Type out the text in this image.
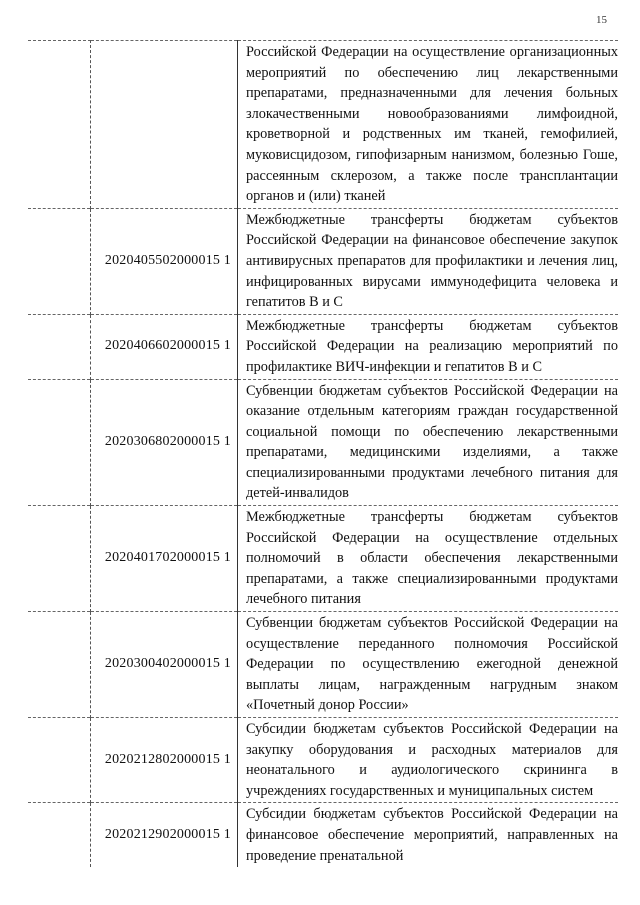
15
		Российской Федерации на осуществление организационных мероприятий по обеспечению лиц лекарственными препаратами, предназначенными для лечения больных злокачественными новообразованиями лимфоидной, кроветворной и родственных им тканей, гемофилией, муковисцидозом, гипофизарным нанизмом, болезнью Гоше, рассеянным склерозом, а также после трансплантации органов и (или) тканей
	2020405502000015 1	Межбюджетные трансферты бюджетам субъектов Российской Федерации на финансовое обеспечение закупок антивирусных препаратов для профилактики и лечения лиц, инфицированных вирусами иммунодефицита человека и гепатитов В и С
	2020406602000015 1	Межбюджетные трансферты бюджетам субъектов Российской Федерации на реализацию мероприятий по профилактике ВИЧ-инфекции и гепатитов В и С
	2020306802000015 1	Субвенции бюджетам субъектов Российской Федерации на оказание отдельным категориям граждан государственной социальной помощи по обеспечению лекарственными препаратами, медицинскими изделиями, а также специализированными продуктами лечебного питания для детей-инвалидов
	2020401702000015 1	Межбюджетные трансферты бюджетам субъектов Российской Федерации на осуществление отдельных полномочий в области обеспечения лекарственными препаратами, а также специализированными продуктами лечебного питания
	2020300402000015 1	Субвенции бюджетам субъектов Российской Федерации на осуществление переданного полномочия Российской Федерации по осуществлению ежегодной денежной выплаты лицам, награжденным нагрудным знаком «Почетный донор России»
	2020212802000015 1	Субсидии бюджетам субъектов Российской Федерации на закупку оборудования и расходных материалов для неонатального и аудиологического скрининга в учреждениях государственных и муниципальных систем
	2020212902000015 1	Субсидии бюджетам субъектов Российской Федерации на финансовое обеспечение мероприятий, направленных на проведение пренатальной
